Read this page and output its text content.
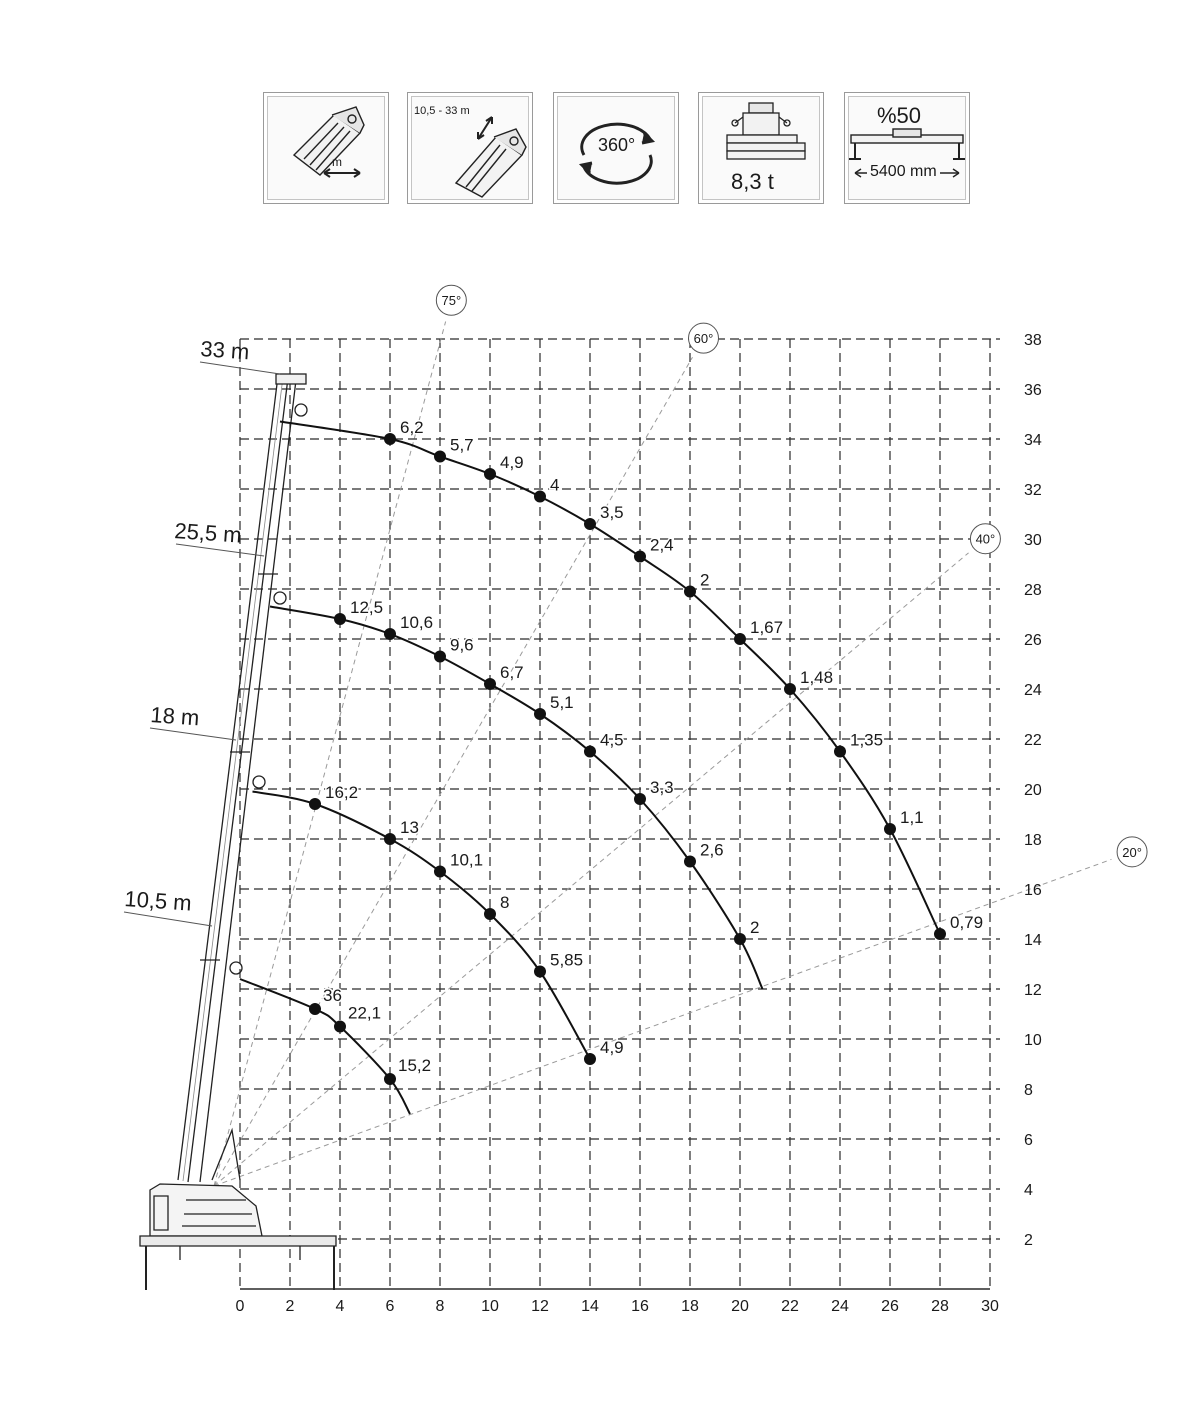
m
10,5 - 33 m
360°
8,3 t
%50
5400 mm
75°
60°
40°
20°
33 m
25,5 m
18 m
10,5 m
6,2
5,7
4,9
4
3,5
2,4
2
1,67
1,48
1,35
1,1
0,79
12,5
10,6
9,6
6,7
5,1
4,5
3,3
2,6
2
16,2
13
10,1
8
5,85
4,9
36
22,1
15,2
0	2	4	6	8 10 12 14 16 18 20 22 24 26 28 30
2
4
6
8
10
12
14
16
18
20
22
24
26
28
30
32
34
36
38
